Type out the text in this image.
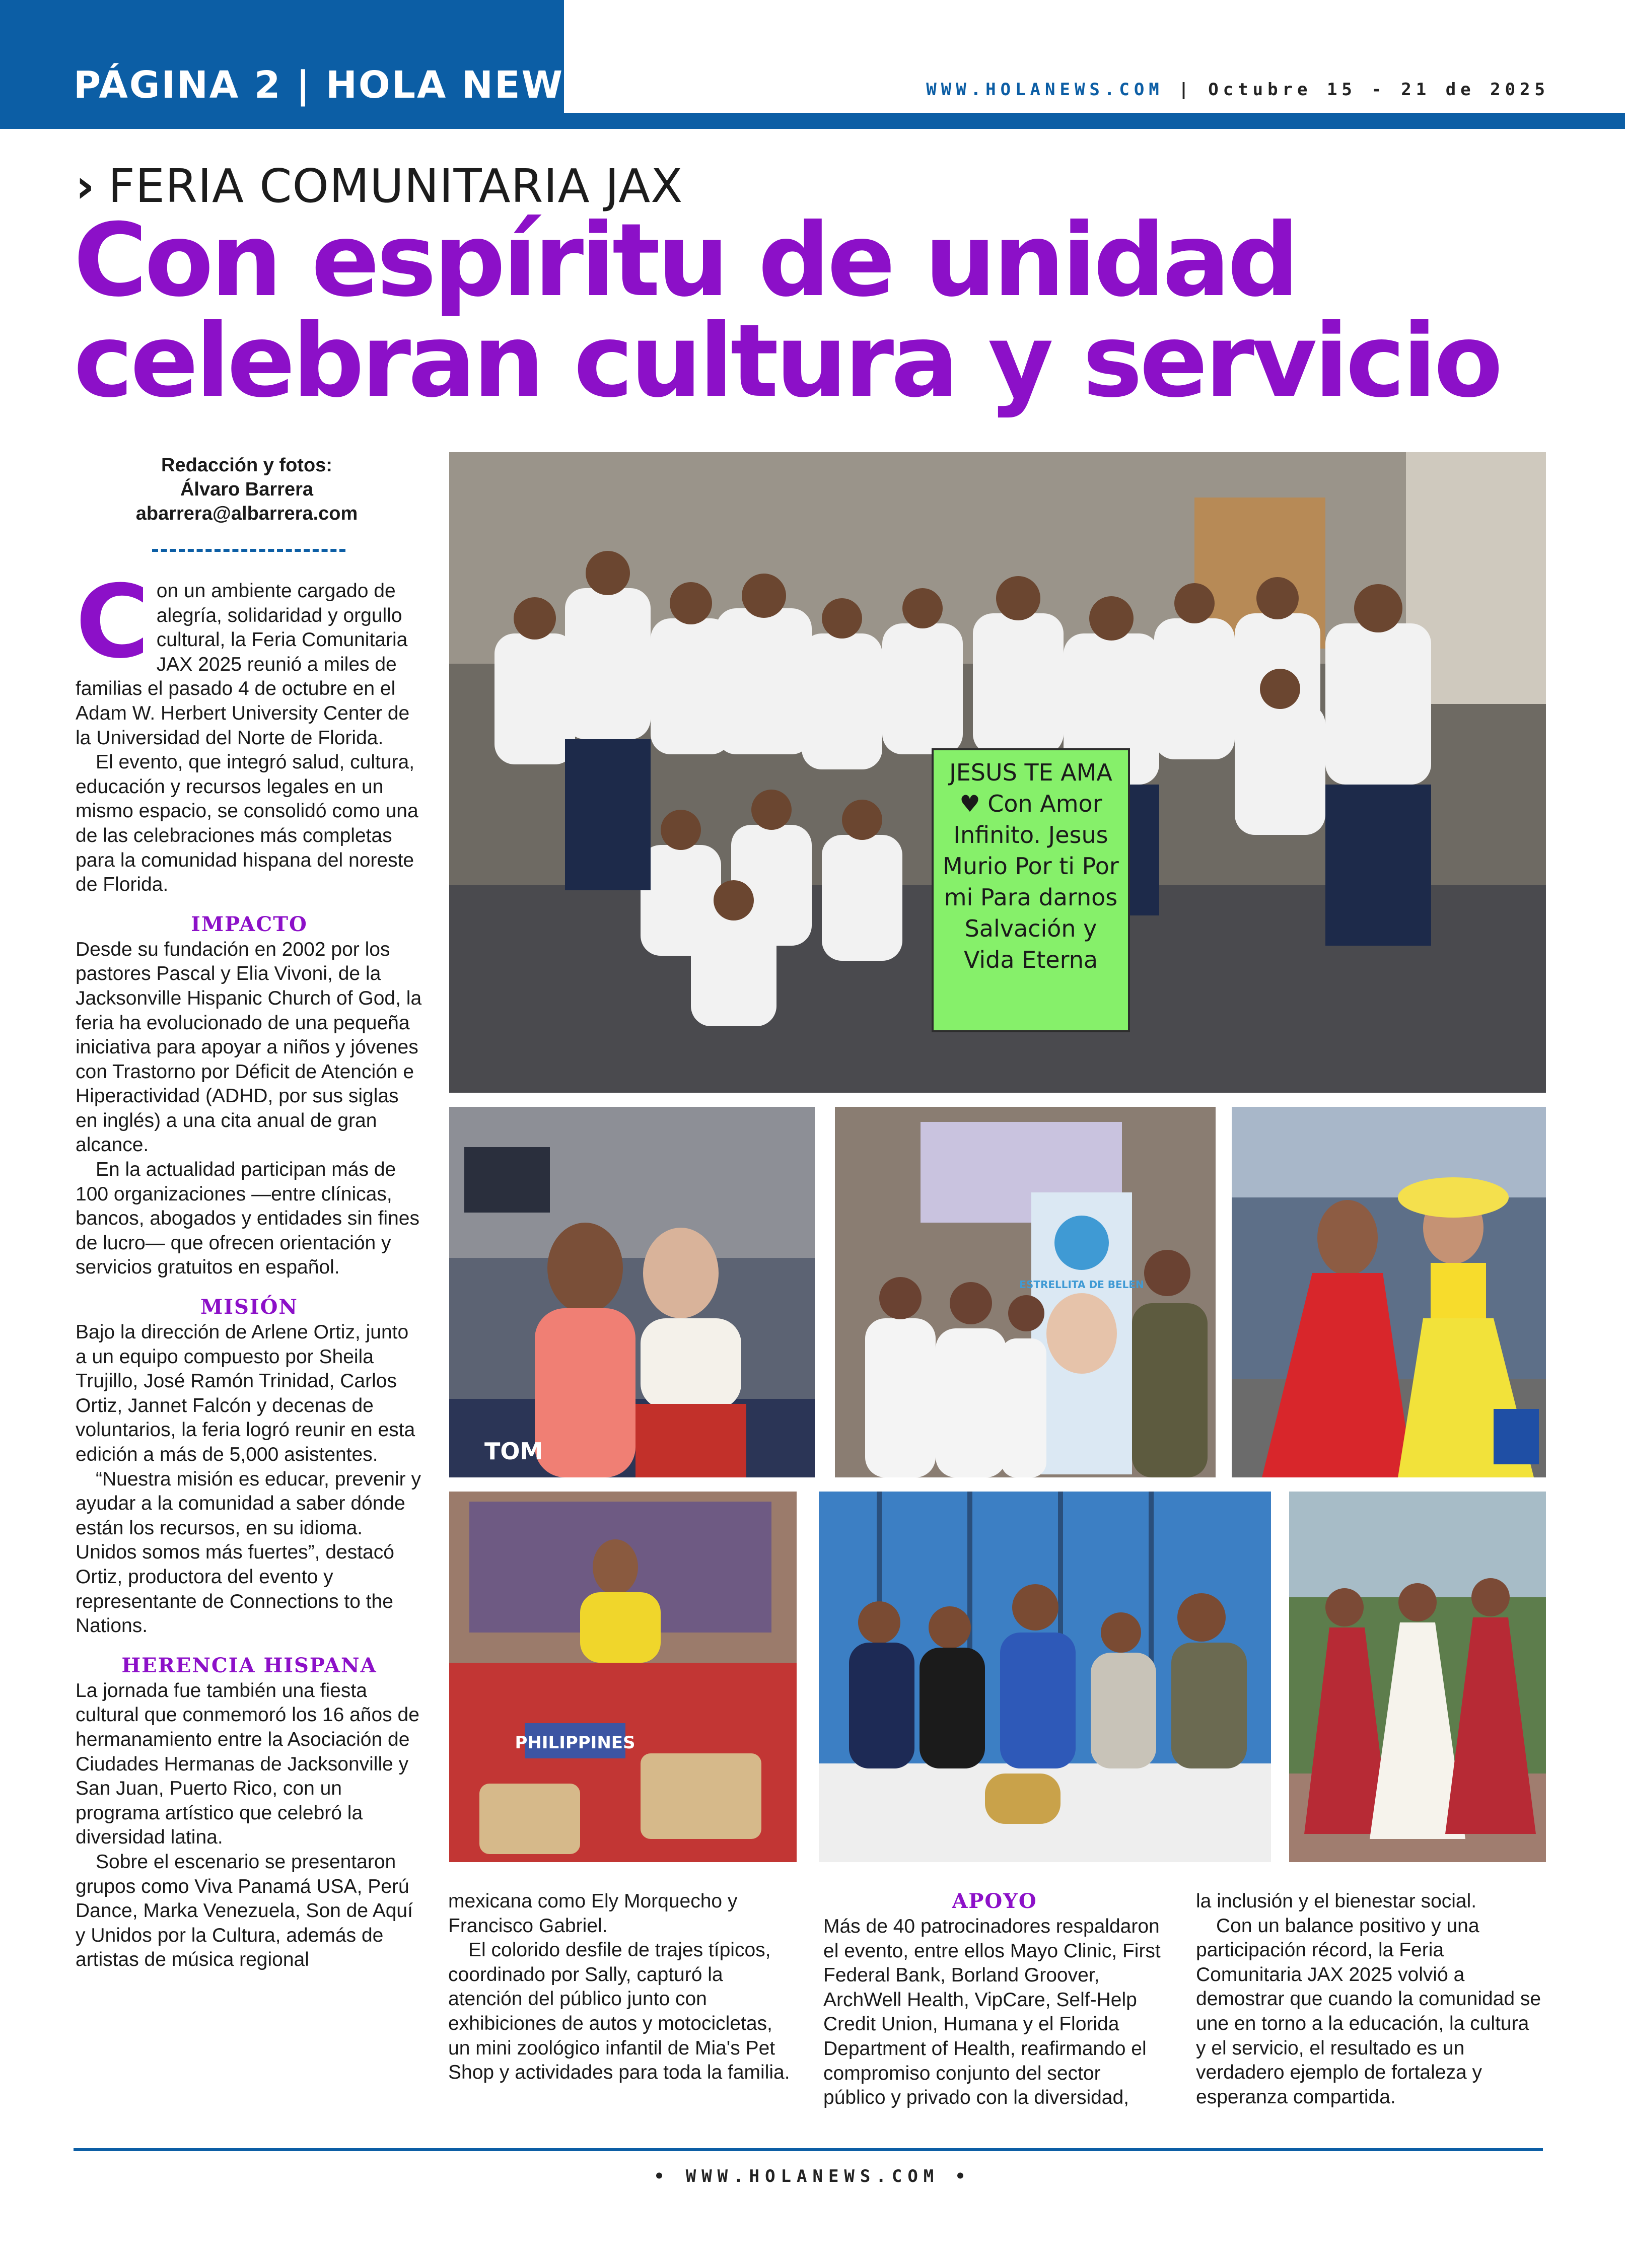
PÁGINA 2 | HOLA NEWS	WWW.HOLANEWS.COM | Octubre 15 - 21 de 2025
› FERIA COMUNITARIA JAX
Con espíritu de unidad
celebran cultura y servicio
Redacción y fotos:
Álvaro Barrera
abarrera@albarrera.com

Con un ambiente cargado de alegría, solidaridad y orgullo cultural, la Feria Comunitaria JAX 2025 reunió a miles de familias el pasado 4 de octubre en el Adam W. Herbert University Center de la Universidad del Norte de Florida.

El evento, que integró salud, cultura, educación y recursos legales en un mismo espacio, se consolidó como una de las celebraciones más completas para la comunidad hispana del noreste de Florida.

IMPACTO

Desde su fundación en 2002 por los pastores Pascal y Elia Vivoni, de la Jacksonville Hispanic Church of God, la feria ha evolucionado de una pequeña iniciativa para apoyar a niños y jóvenes con Trastorno por Déficit de Atención e Hiperactividad (ADHD, por sus siglas en inglés) a una cita anual de gran alcance.

En la actualidad participan más de 100 organizaciones —entre clínicas, bancos, abogados y entidades sin fines de lucro— que ofrecen orientación y servicios gratuitos en español.

MISIÓN

Bajo la dirección de Arlene Ortiz, junto a un equipo compuesto por Sheila Trujillo, José Ramón Trinidad, Carlos Ortiz, Jannet Falcón y decenas de voluntarios, la feria logró reunir en esta edición a más de 5,000 asistentes.

“Nuestra misión es educar, prevenir y ayudar a la comunidad a saber dónde están los recursos, en su idioma. Unidos somos más fuertes”, destacó Ortiz, productora del evento y representante de Connections to the Nations.

HERENCIA HISPANA

La jornada fue también una fiesta cultural que conmemoró los 16 años de hermanamiento entre la Asociación de Ciudades Hermanas de Jacksonville y San Juan, Puerto Rico, con un programa artístico que celebró la diversidad latina.

Sobre el escenario se presentaron grupos como Viva Panamá USA, Perú Dance, Marka Venezuela, Son de Aquí y Unidos por la Cultura, además de artistas de música regional

mexicana como Ely Morquecho y Francisco Gabriel.

El colorido desfile de trajes típicos, coordinado por Sally, capturó la atención del público junto con exhibiciones de autos y motocicletas, un mini zoológico infantil de Mia's Pet Shop y actividades para toda la familia.

APOYO

Más de 40 patrocinadores respaldaron el evento, entre ellos Mayo Clinic, First Federal Bank, Borland Groover, ArchWell Health, VipCare, Self-Help Credit Union, Humana y el Florida Department of Health, reafirmando el compromiso conjunto del sector público y privado con la diversidad,

la inclusión y el bienestar social.

Con un balance positivo y una participación récord, la Feria Comunitaria JAX 2025 volvió a demostrar que cuando la comunidad se une en torno a la educación, la cultura y el servicio, el resultado es un verdadero ejemplo de fortaleza y esperanza compartida.

JESUS TE AMA ♥ Con Amor Infinito. Jesus Murio Por ti Por mi Para darnos Salvación y Vida Eterna
TOM
ESTRELLITA DE BELEN
PHILIPPINES
• WWW.HOLANEWS.COM •
